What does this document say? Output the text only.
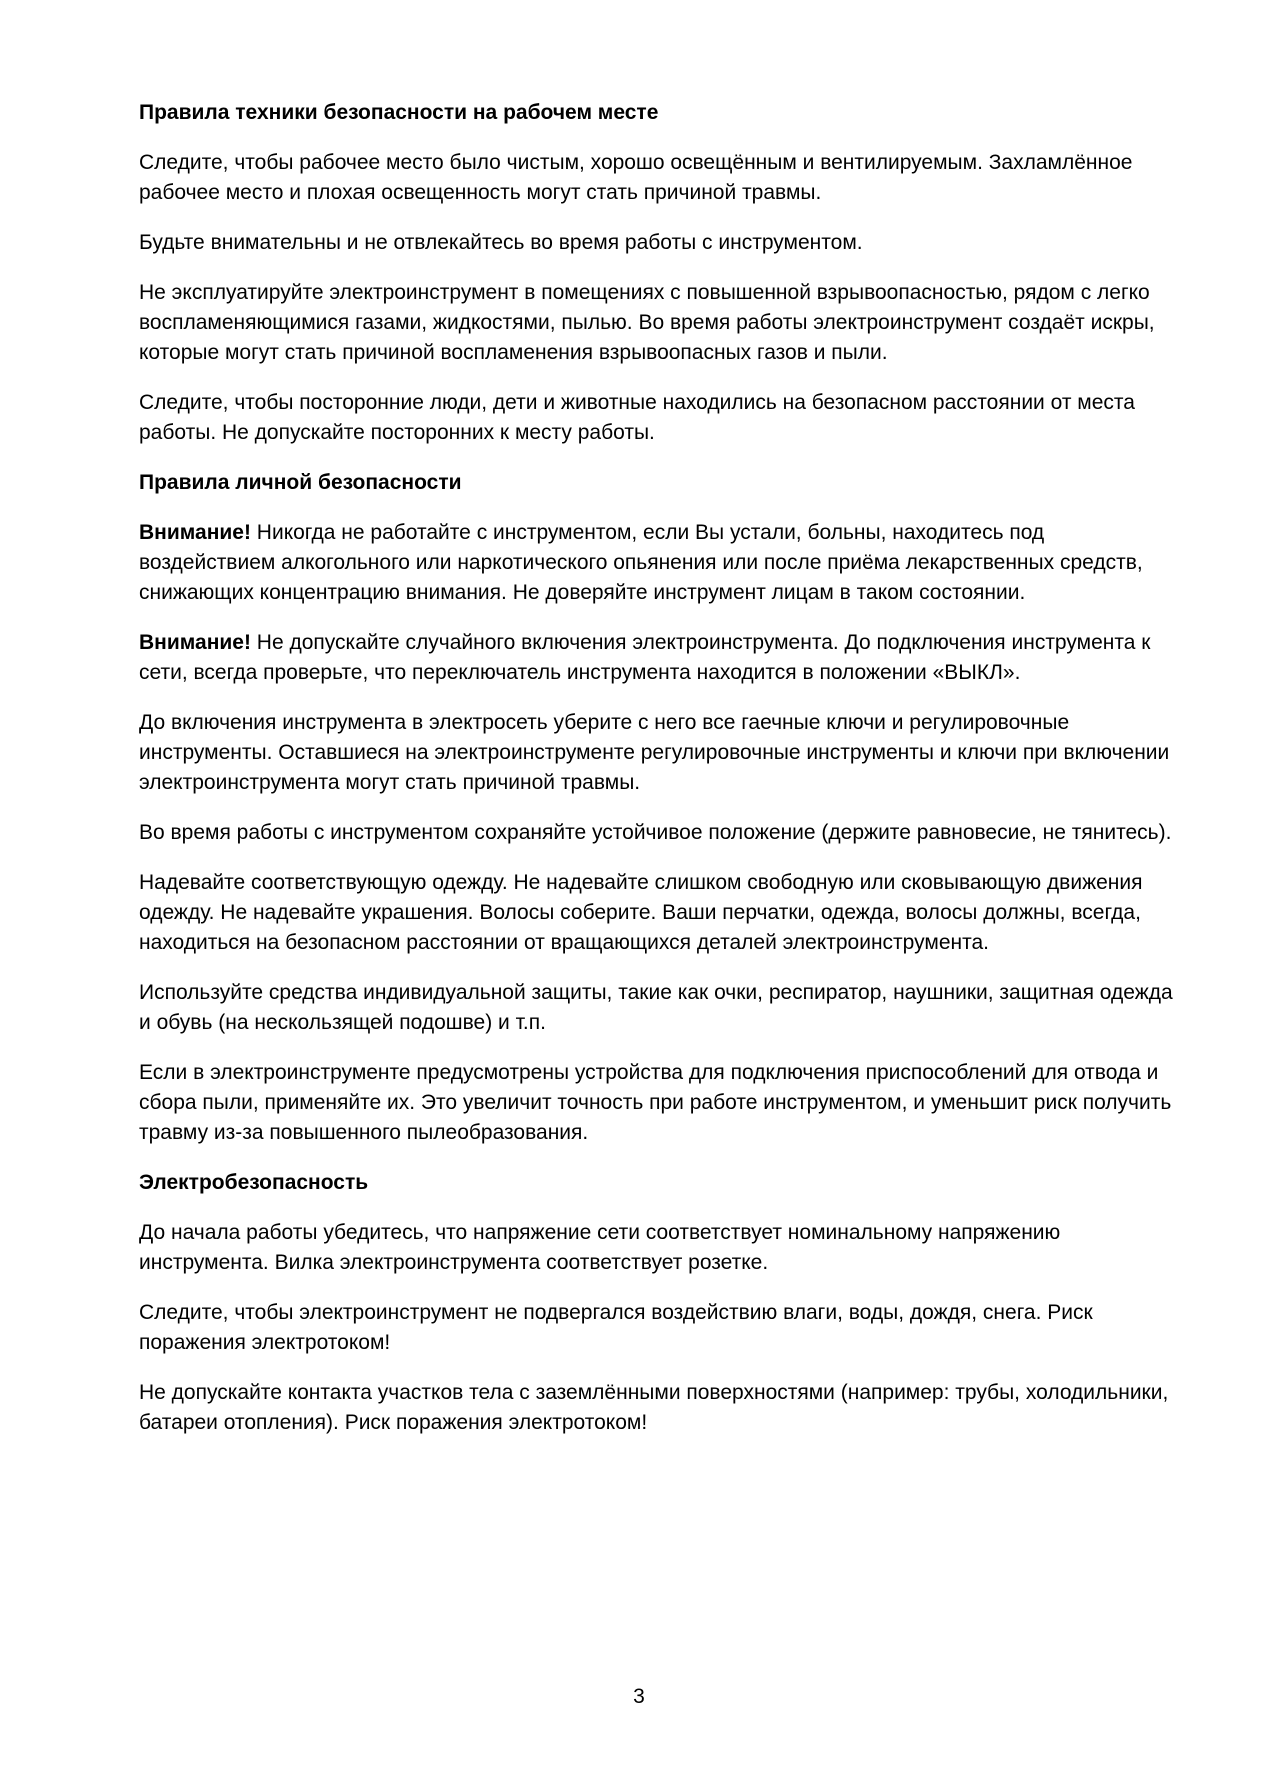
Правила техники безопасности на рабочем месте
Следите, чтобы рабочее место было чистым, хорошо освещённым и вентилируемым. Захламлённое рабочее место и плохая освещенность могут стать причиной травмы.
Будьте внимательны и не отвлекайтесь во время работы с инструментом.
Не эксплуатируйте электроинструмент в помещениях с повышенной взрывоопасностью, рядом с легко воспламеняющимися газами, жидкостями, пылью. Во время работы электроинструмент создаёт искры, которые могут стать причиной воспламенения взрывоопасных газов и пыли.
Следите, чтобы посторонние люди, дети и животные находились на безопасном расстоянии от места работы. Не допускайте посторонних к месту работы.
Правила личной безопасности
Внимание! Никогда не работайте с инструментом, если Вы устали, больны, находитесь под воздействием алкогольного или наркотического опьянения или после приёма лекарственных средств, снижающих концентрацию внимания. Не доверяйте инструмент лицам в таком состоянии.
Внимание! Не допускайте случайного включения электроинструмента. До подключения инструмента к сети, всегда проверьте, что переключатель инструмента находится в положении «ВЫКЛ».
До включения инструмента в электросеть уберите с него все гаечные ключи и регулировочные инструменты. Оставшиеся на электроинструменте регулировочные инструменты и ключи при включении электроинструмента могут стать причиной травмы.
Во время работы с инструментом сохраняйте устойчивое положение (держите равновесие, не тянитесь).
Надевайте соответствующую одежду. Не надевайте слишком свободную или сковывающую движения одежду. Не надевайте украшения. Волосы соберите. Ваши перчатки, одежда, волосы должны, всегда, находиться на безопасном расстоянии от вращающихся деталей электроинструмента.
Используйте средства индивидуальной защиты, такие как очки, респиратор, наушники, защитная одежда и обувь (на нескользящей подошве) и т.п.
Если в электроинструменте предусмотрены устройства для подключения приспособлений для отвода и сбора пыли, применяйте их. Это увеличит точность при работе инструментом, и уменьшит риск получить травму из-за повышенного пылеобразования.
Электробезопасность
До начала работы убедитесь, что напряжение сети соответствует номинальному напряжению инструмента. Вилка электроинструмента соответствует розетке.
Следите, чтобы электроинструмент не подвергался воздействию влаги, воды, дождя, снега. Риск поражения электротоком!
Не допускайте контакта участков тела с заземлёнными поверхностями (например: трубы, холодильники, батареи отопления). Риск поражения электротоком!
3
